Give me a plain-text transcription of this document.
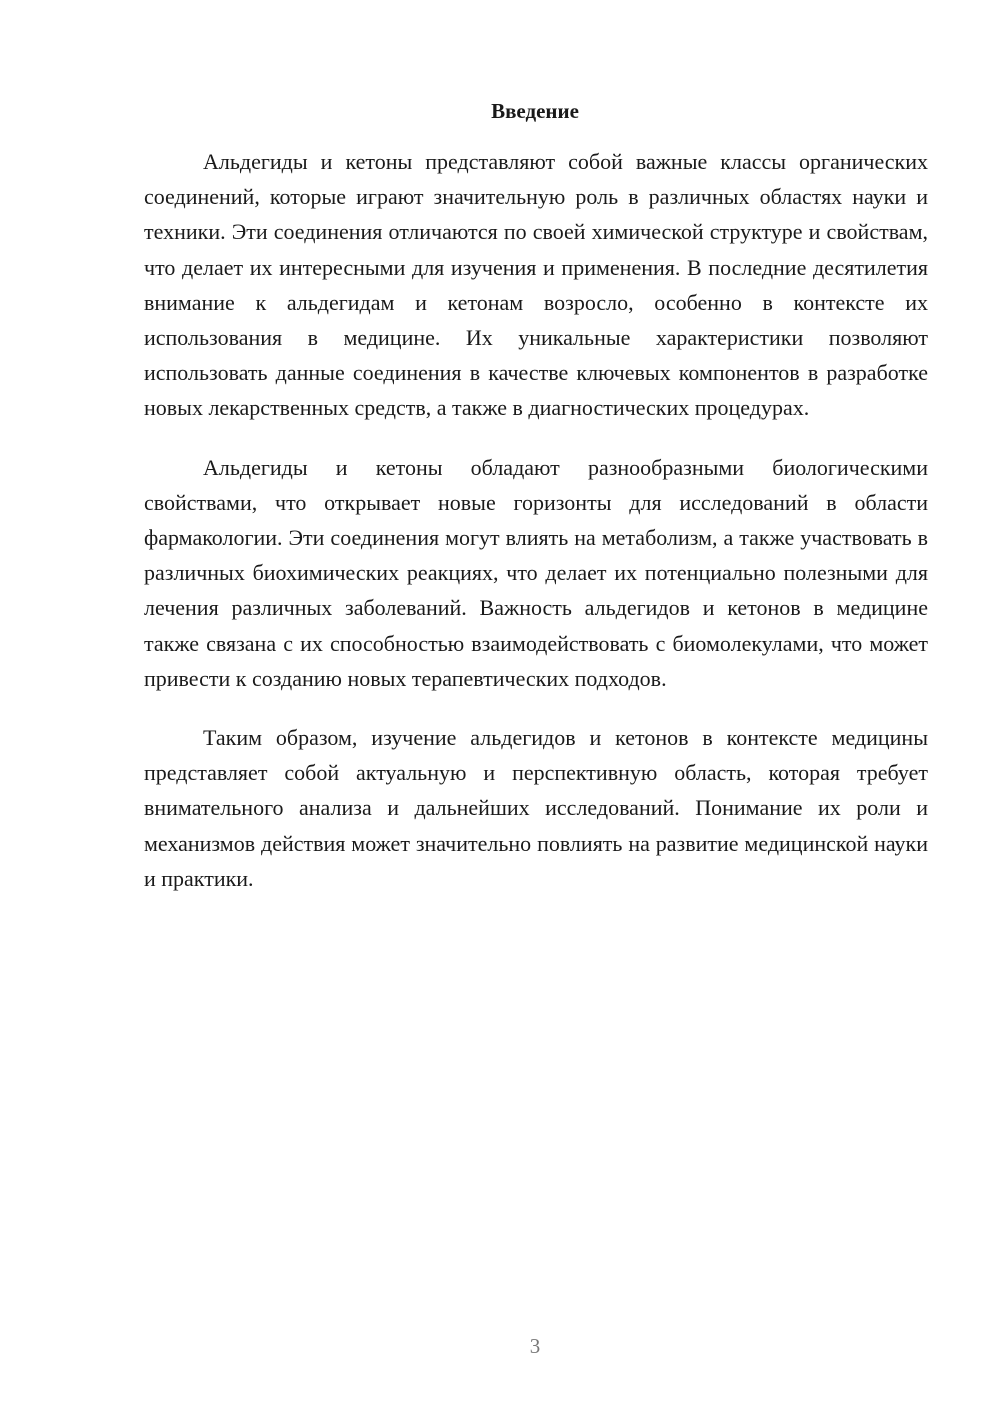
Введение

Альдегиды и кетоны представляют собой важные классы органических соединений, которые играют значительную роль в различных областях науки и техники. Эти соединения отличаются по своей химической структуре и свойствам, что делает их интересными для изучения и применения. В последние десятилетия внимание к альдегидам и кетонам возросло, особенно в контексте их использования в медицине. Их уникальные характеристики позволяют использовать данные соединения в качестве ключевых компонентов в разработке новых лекарственных средств, а также в диагностических процедурах.

Альдегиды и кетоны обладают разнообразными биологическими свойствами, что открывает новые горизонты для исследований в области фармакологии. Эти соединения могут влиять на метаболизм, а также участвовать в различных биохимических реакциях, что делает их потенциально полезными для лечения различных заболеваний. Важность альдегидов и кетонов в медицине также связана с их способностью взаимодействовать с биомолекулами, что может привести к созданию новых терапевтических подходов.

Таким образом, изучение альдегидов и кетонов в контексте медицины представляет собой актуальную и перспективную область, которая требует внимательного анализа и дальнейших исследований. Понимание их роли и механизмов действия может значительно повлиять на развитие медицинской науки и практики.

3
